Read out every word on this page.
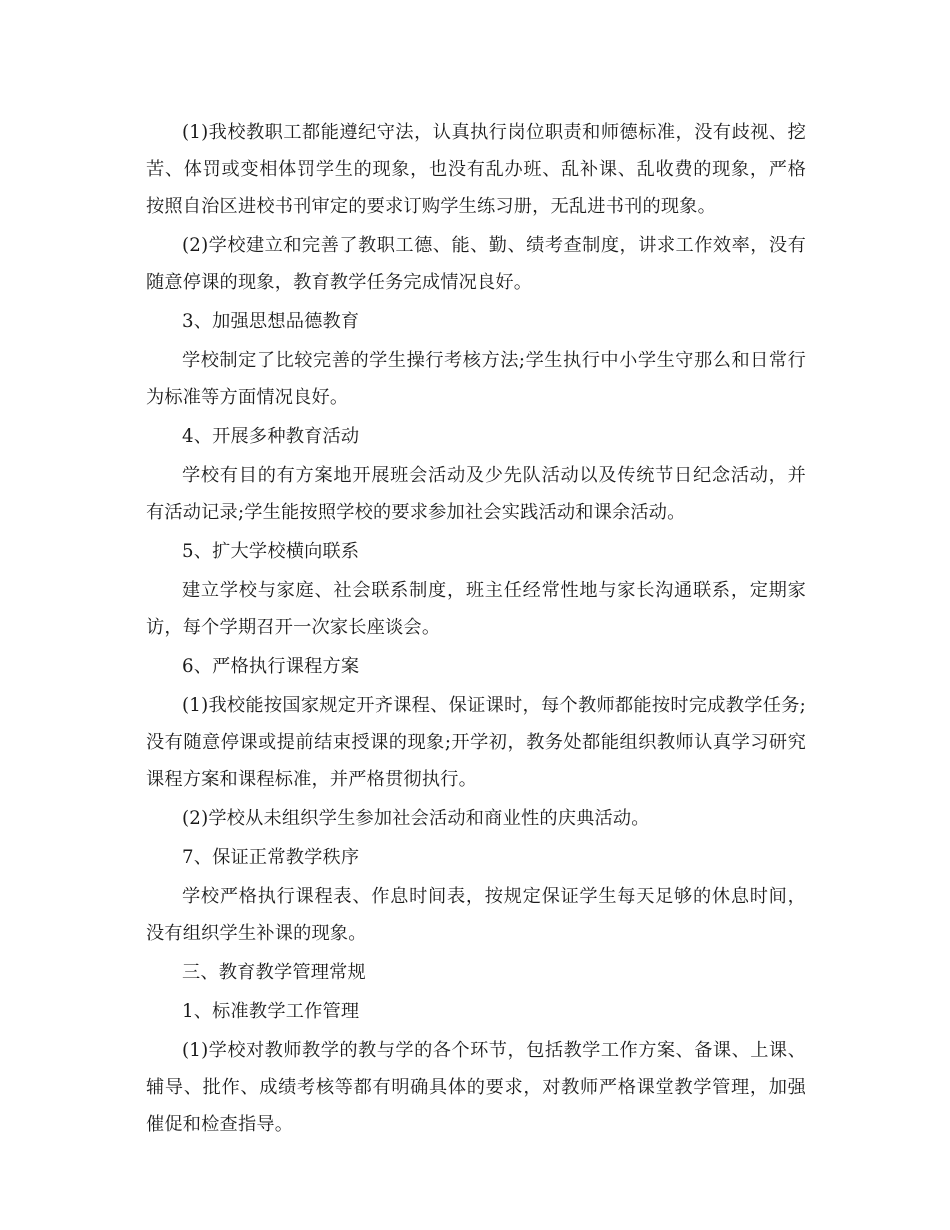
(1)我校教职工都能遵纪守法，认真执行岗位职责和师德标准，没有歧视、挖苦、体罚或变相体罚学生的现象，也没有乱办班、乱补课、乱收费的现象，严格按照自治区进校书刊审定的要求订购学生练习册，无乱进书刊的现象。

(2)学校建立和完善了教职工德、能、勤、绩考查制度，讲求工作效率，没有随意停课的现象，教育教学任务完成情况良好。

3、加强思想品德教育

学校制定了比较完善的学生操行考核方法;学生执行中小学生守那么和日常行为标准等方面情况良好。

4、开展多种教育活动

学校有目的有方案地开展班会活动及少先队活动以及传统节日纪念活动，并有活动记录;学生能按照学校的要求参加社会实践活动和课余活动。

5、扩大学校横向联系

建立学校与家庭、社会联系制度，班主任经常性地与家长沟通联系，定期家访，每个学期召开一次家长座谈会。

6、严格执行课程方案

(1)我校能按国家规定开齐课程、保证课时，每个教师都能按时完成教学任务;没有随意停课或提前结束授课的现象;开学初，教务处都能组织教师认真学习研究课程方案和课程标准，并严格贯彻执行。

(2)学校从未组织学生参加社会活动和商业性的庆典活动。

7、保证正常教学秩序

学校严格执行课程表、作息时间表，按规定保证学生每天足够的休息时间，没有组织学生补课的现象。

三、教育教学管理常规

1、标准教学工作管理

(1)学校对教师教学的教与学的各个环节，包括教学工作方案、备课、上课、辅导、批作、成绩考核等都有明确具体的要求，对教师严格课堂教学管理，加强催促和检查指导。
